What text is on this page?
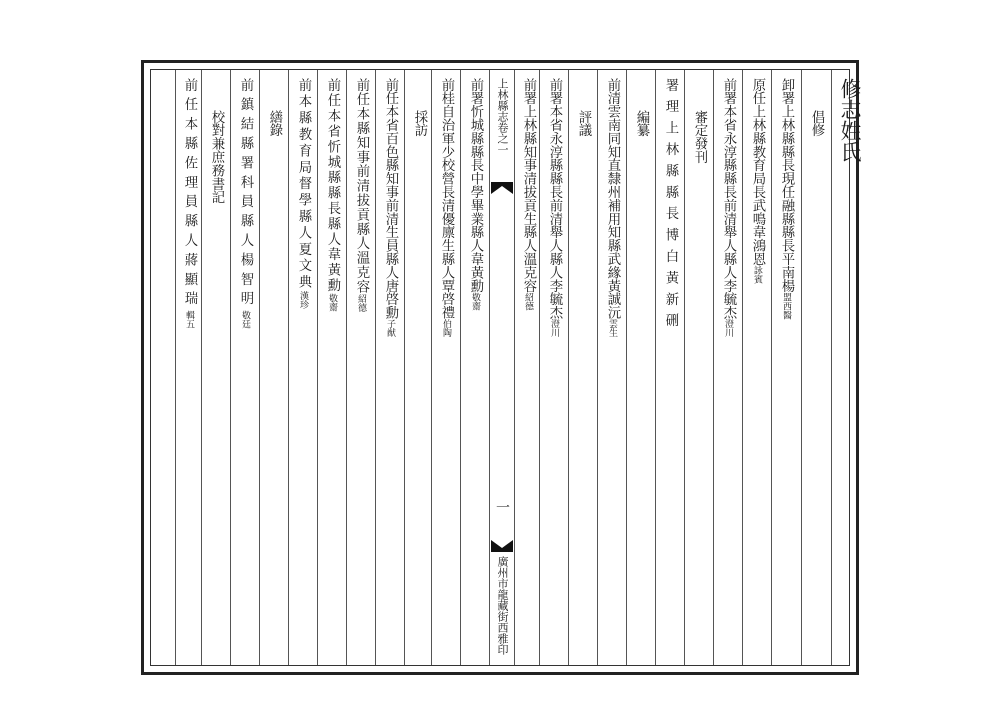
修志姓氏
倡修
卸署上林縣縣長現任融縣縣長平南楊盟西醫
原任上林縣教育局長武鳴韋鴻恩詠賓
前署本省永淳縣縣長前清舉人縣人李毓杰澄川
審定發刊
署理上林縣縣長博白黃新硎
編纂
前清雲南同知直隸州補用知縣武緣黃誠沅雲生
評議
前署本省永淳縣縣長前清舉人縣人李毓杰澄川
前署上林縣知事清拔貢生縣人溫克容紹德
上林縣志卷之一
一
廣州市龍藏街西雅印
前署忻城縣縣長中學畢業縣人韋黃勳敬齋
前桂自治軍少校營長清優廪生縣人覃啓禮伯陶
採訪
前任本省百色縣知事前清生員縣人唐啓勳子猷
前任本縣知事前清拔貢縣人溫克容紹德
前任本省忻城縣縣長縣人韋黃勳敬齋
前本縣教育局督學縣人夏文典漢珍
繕錄
前鎮結縣署科員縣人楊智明敬廷
校對兼庶務書記
前任本縣佐理員縣人蔣顯瑞輯五
